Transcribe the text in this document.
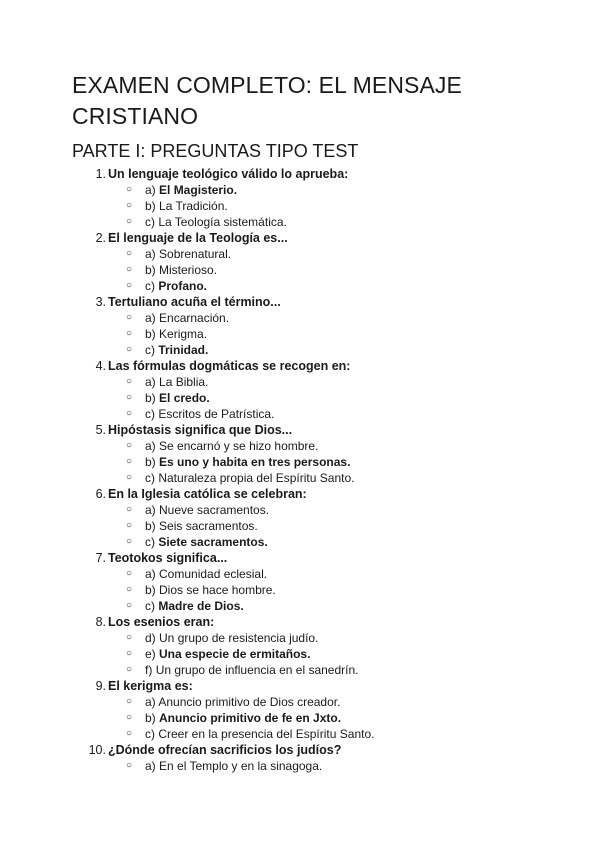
EXAMEN COMPLETO: EL MENSAJE CRISTIANO
PARTE I: PREGUNTAS TIPO TEST
1. Un lenguaje teológico válido lo aprueba:
○ a) El Magisterio.
○ b) La Tradición.
○ c) La Teología sistemática.
2. El lenguaje de la Teología es...
○ a) Sobrenatural.
○ b) Misterioso.
○ c) Profano.
3. Tertuliano acuña el término...
○ a) Encarnación.
○ b) Kerigma.
○ c) Trinidad.
4. Las fórmulas dogmáticas se recogen en:
○ a) La Biblia.
○ b) El credo.
○ c) Escritos de Patrística.
5. Hipóstasis significa que Dios...
○ a) Se encarnó y se hizo hombre.
○ b) Es uno y habita en tres personas.
○ c) Naturaleza propia del Espíritu Santo.
6. En la Iglesia católica se celebran:
○ a) Nueve sacramentos.
○ b) Seis sacramentos.
○ c) Siete sacramentos.
7. Teotokos significa...
○ a) Comunidad eclesial.
○ b) Dios se hace hombre.
○ c) Madre de Dios.
8. Los esenios eran:
○ d) Un grupo de resistencia judío.
○ e) Una especie de ermitaños.
○ f) Un grupo de influencia en el sanedrín.
9. El kerigma es:
○ a) Anuncio primitivo de Dios creador.
○ b) Anuncio primitivo de fe en Jxto.
○ c) Creer en la presencia del Espíritu Santo.
10. ¿Dónde ofrecían sacrificios los judíos?
○ a) En el Templo y en la sinagoga.
